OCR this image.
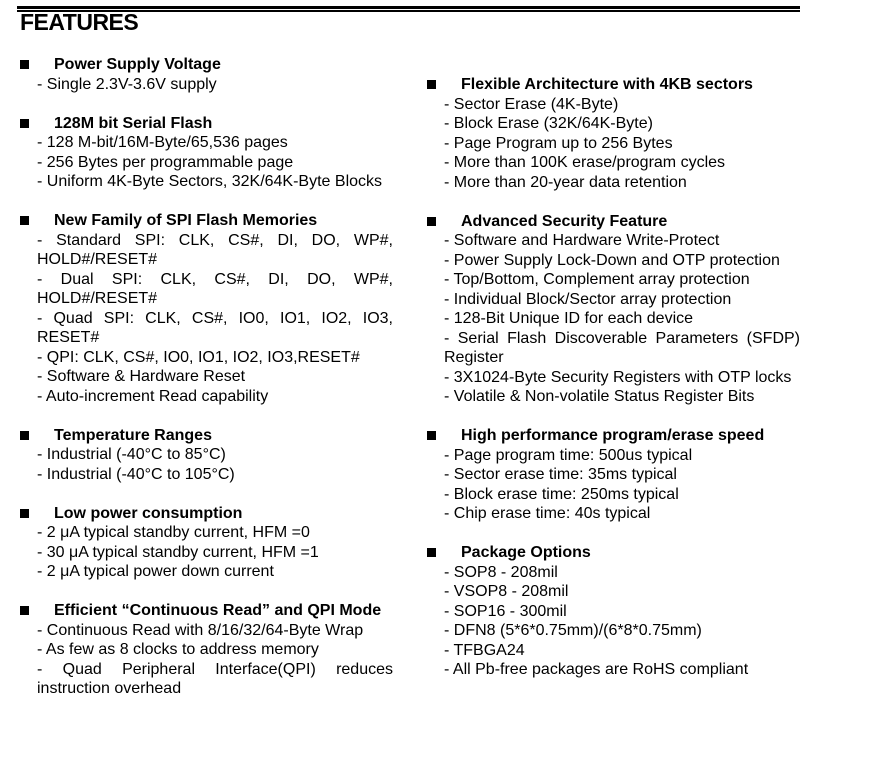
FEATURES
Power Supply Voltage
- Single 2.3V-3.6V supply
128M bit Serial Flash
- 128 M-bit/16M-Byte/65,536 pages
- 256 Bytes per programmable page
- Uniform 4K-Byte Sectors, 32K/64K-Byte Blocks
New Family of SPI Flash Memories
- Standard SPI: CLK, CS#, DI, DO, WP#, HOLD#/RESET#
- Dual SPI: CLK, CS#, DI, DO, WP#, HOLD#/RESET#
- Quad SPI: CLK, CS#, IO0, IO1, IO2, IO3, RESET#
- QPI: CLK, CS#, IO0, IO1, IO2, IO3,RESET#
- Software & Hardware Reset
- Auto-increment Read capability
Temperature Ranges
- Industrial (-40°C to 85°C)
- Industrial (-40°C to 105°C)
Low power consumption
- 2 μA typical standby current, HFM =0
- 30 μA typical standby current, HFM =1
- 2 μA typical power down current
Efficient “Continuous Read” and QPI Mode
- Continuous Read with 8/16/32/64-Byte Wrap
- As few as 8 clocks to address memory
- Quad Peripheral Interface(QPI) reduces instruction overhead
Flexible Architecture with 4KB sectors
- Sector Erase (4K-Byte)
- Block Erase (32K/64K-Byte)
- Page Program up to 256 Bytes
- More than 100K erase/program cycles
- More than 20-year data retention
Advanced Security Feature
- Software and Hardware Write-Protect
- Power Supply Lock-Down and OTP protection
- Top/Bottom, Complement array protection
- Individual Block/Sector array protection
- 128-Bit Unique ID for each device
- Serial Flash Discoverable Parameters (SFDP) Register
- 3X1024-Byte Security Registers with OTP locks
- Volatile & Non-volatile Status Register Bits
High performance program/erase speed
- Page program time: 500us typical
- Sector erase time: 35ms typical
- Block erase time: 250ms typical
- Chip erase time: 40s typical
Package Options
- SOP8 - 208mil
- VSOP8 - 208mil
- SOP16 - 300mil
- DFN8 (5*6*0.75mm)/(6*8*0.75mm)
- TFBGA24
- All Pb-free packages are RoHS compliant
